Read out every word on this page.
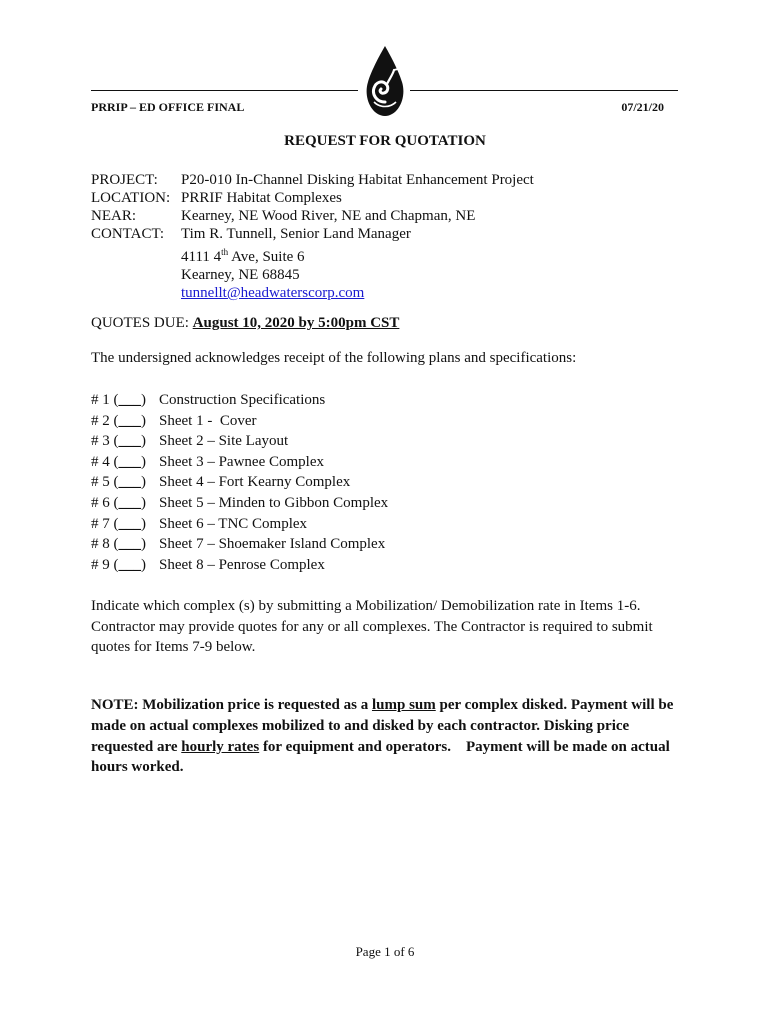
PRRIP – ED OFFICE FINAL	07/21/20
REQUEST FOR QUOTATION
PROJECT:	P20-010 In-Channel Disking Habitat Enhancement Project
LOCATION: PRRIF Habitat Complexes
NEAR:	Kearney, NE Wood River, NE and Chapman, NE
CONTACT:	Tim R. Tunnell, Senior Land Manager
4111 4th Ave, Suite 6
Kearney, NE 68845
tunnellt@headwaterscorp.com
QUOTES DUE: August 10, 2020 by 5:00pm CST
The undersigned acknowledges receipt of the following plans and specifications:
# 1 (___) Construction Specifications
# 2 (___) Sheet 1 -  Cover
# 3 (___) Sheet 2 – Site Layout
# 4 (___) Sheet 3 – Pawnee Complex
# 5 (___) Sheet 4 – Fort Kearny Complex
# 6 (___) Sheet 5 – Minden to Gibbon Complex
# 7 (___) Sheet 6 – TNC Complex
# 8 (___) Sheet 7 – Shoemaker Island Complex
# 9 (___) Sheet 8 – Penrose Complex
Indicate which complex (s) by submitting a Mobilization/ Demobilization rate in Items 1-6. Contractor may provide quotes for any or all complexes. The Contractor is required to submit quotes for Items 7-9 below.
NOTE: Mobilization price is requested as a lump sum per complex disked. Payment will be made on actual complexes mobilized to and disked by each contractor. Disking price requested are hourly rates for equipment and operators.    Payment will be made on actual hours worked.
Page 1 of 6
